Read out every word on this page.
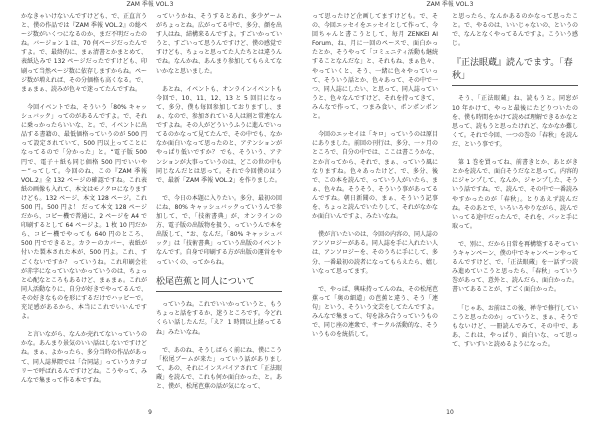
ZAM 季報 VOL.3

かなきゃいけないんですけども、で、正直言うと、僕の作品では『ZAM 季報 VOL.2』の総ページ数がいくつになるのか、まだ不明だったのね。バージョン 1 は、70 何ページだったんですよ。で、最終的に、まぁ清書とかまとめて、表紙込みで 132 ページだったですけども、印刷って当然ページ数に依存しますからね。ページ数が増えれば、その分価格も高くなる。で、まぁまぁ、読みが色々で迷ってたんですね。

今回イベントでね、そういう「80% キャッシュバック」ってのがあるんですよ。で、それに乗っかったらいいな、と。で、イベントに出品する書籍の、最低価格っていうのが 500 円って設定されていて、500 円以上ってことになってるので「分かった」と。“電子版 500 円で、電子＋紙も同じ価格 500 円でいいやー”ってして。今回のね、この『ZAM 季報 VOL.2』全 132 ページの確認ですね。これ表紙の画像も入れて、本文はモノクロになりますけども。132 ページ、本文 128 ページ。これ 500 円。500 円よ！ だって本文 128 ページだから、コピー機で普通に、2 ページを A4 で印刷するとして 64 ページよ。1 枚 10 円だから、コピー機でやっても 640 円のところ、500 円でできると。カラーのカバー、表紙が付いた製本された本が、500 円よ。これ、すごくないですか？ っていうね。これ印刷会社が赤字になっていないかっていうのは、ちょっと心配なところもあるけど、まぁまぁ。これが同人活動なりに、自分が好きでやってるんで、その好きなものを形にするだけでハッピーで。充足感があるから、本当にこれでいいんですよ。

と言いながら、なんか売れてないっていうのかな。あんまり景気のいい話はしないですけどね。まぁ、よかったら、多分当時の作品があって、同人誌界隈では「合同誌」っていうカテゴリーで呼ばれるんですけどね。こうやって、みんなで集まって作る本ですね。

っていうかね、そうするとあれ、多少ゲームがちょっとね。広がってる中で、多分、顔を出す人はね、結構来るんですよ。すごいかっていうと、すごいって思うんですけど、僕の感覚ですけども、ちょっと思ってた人たちとは違うんでね。なんかね、あんまり参加してもらえてないかなと思いました。

あとね、イベントも、オンラインイベントも今回で、10、11、12、13 と 5 回目になって、多分、僕も毎回参加しておりますし、まぁ、なので、参加されている人は割と常連なんですよね。その人がどういうふうに進んでいってるのかなって見てたんで、その中でも、なかなか面白いなって思ったのと、アテンションがやっぱり低いですか？ でも、そういう、アテンションが大事っていうのは、どこの世の中も同じなんだとは思って。それで今回僕のほうで、最新「ZAM 季報 VOL.2」を作りました。

で、今日の本題に入りたい。多分、最初の回にね、80% キャッシュバックっていうんで参加して、で、「技術書典」が、オンラインの方、電子版の出版物を扱う、っていうんで本を出版して、“お、なんだ。「80% キャッシュバック」は「技術書典」っていう出版のイベントなんです。自身で印刷する方が出版の運営をやっていくの、ってからね。

松尾芭蕉と同人について

っていうね。これでいいかっていうと、もうちょっと話をするか、迷うところです。今どれくらい話したんだ。「え？ 1 時間以上経ってるね」みたいなね。

で、あのね、そうしばらく前にね、僕にこう「松尾ブームが来た」っていう話がありまして、あの、それにインスパイアされて「正法眼蔵」を読んで、これも何か面白かった、と。あと、僕が、松尾芭蕉の話が気になって、

9
ZAM 季報 VOL.3

って思ったけど企画してますけども。で、その、今回エッセイをエッセイとして作って、今回ちゃんと書こうとして、毎月 ZENKEI AI Forum、ね、月に一回のペースで、面白かったとか、そうやって「コミュニティ活動も継続することなんだな」と、それもね、まぁ色々、やっていくと、そう、一緒に色々やっていって、そういう話とか、色々あって、その中で一つ、同人誌にしたい、と思って、同人誌っていうと、色々なんですけど、それを持ってきて、みんなで作って、つまみ食い、ポンポンポンと。

今回のエッセイは「キロ」っていうのは原目にありました。前回の刊行は、多分、一ヶ月のところで、自分の中では、ここは書こうかな、とか言ってから、それで、まぁ、っていう風になりますね。色々あったけど、で、多分、後で、この本を読んで、っていう人がいたら、まぁ、色々ね。そうそう、そういう事があってるんですね。朝日新聞の、まぁ、そういう記事を、ちょっと読んでいたりして、それがなかなか面白いんですよ、みたいなね。

僕が言いたいのは、今回の内容の、同人誌のアンソロジーがある。同人誌を手に入れたい人は、アンソロジーを、そのうちに手にして、多分、一番最初の読者になってもらえたら、嬉しいなって思ってます。

で、やっぱ、興味持ってんのね、その松尾芭蕉って「奥の細道」の芭蕉と違う、そう「連句」という、そういう文芸をしてたんですよ。みんなで集まって、句を詠み合うっていうもので、同じ座の連衆で、サークル活動的な、そういうものを統括して。

と思ったら、なんかあるのかなって思ったこと。で、やるのは、いいじゃないの、というので、なんとなくやってるんですよ。こういう感じ。

『正法眼蔵』読んでます。「春秋」

そう、「正法眼蔵」ね、読もうと。同窓が 10 年かけて、やっと最後にたどりついたのを、僕も時間をかけて読めば理解できるかなと思って、読もうと思ったけれど、なかなか難しくて。それで今回、一つの巻の「春秋」を読んだ、という事です。

第 1 巻を買ってね、前書きとか、あとがきとかを読んで、面白そうだなと思って。内容的にジャンプして、なんか、ジャンプした、そういう話ですね。で、読んで、その中で一番読みやすかったのが「春秋」。とりあえず読んだね。そのあとで、いろいろやりながら、読んでいってる途中だったんで、それを、パッと手に取って。

で、別に、だから日常を再構築するぞっていうキャンペーン、僕の中でキャンペーンやってるんですけど、で、「正法眼蔵」を一話ずつ読み進めていこうと思ったら、「春秋」っていう巻があって、意外と、読んだら、面白かった。書いてあることが、すごく面白かった。

「じゃあ、お前はこの後、禅寺で修行していこうと思ったのか」っていうと、まぁ、そうでもないけど、一冊読んでみて、その中で、ああ、これは、やっぱり、面白いな、って思って、すいすいと読めるようになった。

10
